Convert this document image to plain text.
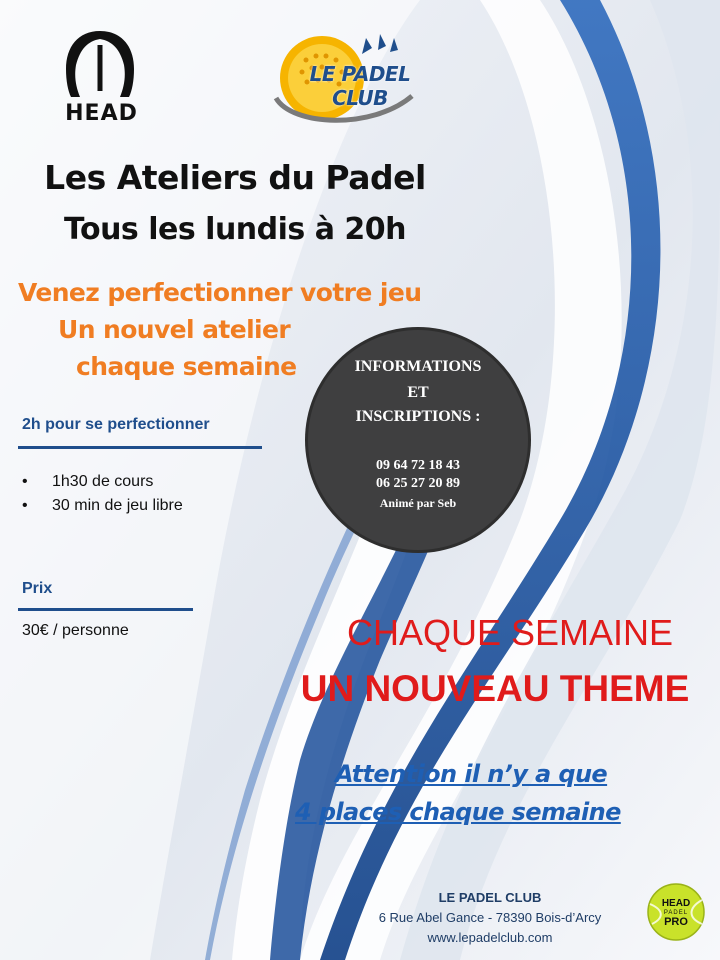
HEAD
LE PADEL CLUB
Les Ateliers du Padel
Tous les lundis à 20h
Venez perfectionner votre jeu
Un nouvel atelier
chaque semaine
2h pour se perfectionner
• 1h30 de cours
• 30 min de jeu libre
Prix
30€ / personne
INFORMATIONS
ET
INSCRIPTIONS :
09 64 72 18 43
06 25 27 20 89
Animé par Seb
CHAQUE SEMAINE
UN NOUVEAU THEME
Attention il n’y a que
4 places chaque semaine
LE PADEL CLUB
6 Rue Abel Gance - 78390 Bois-d’Arcy
www.lepadelclub.com
HEAD
PADEL
PRO
